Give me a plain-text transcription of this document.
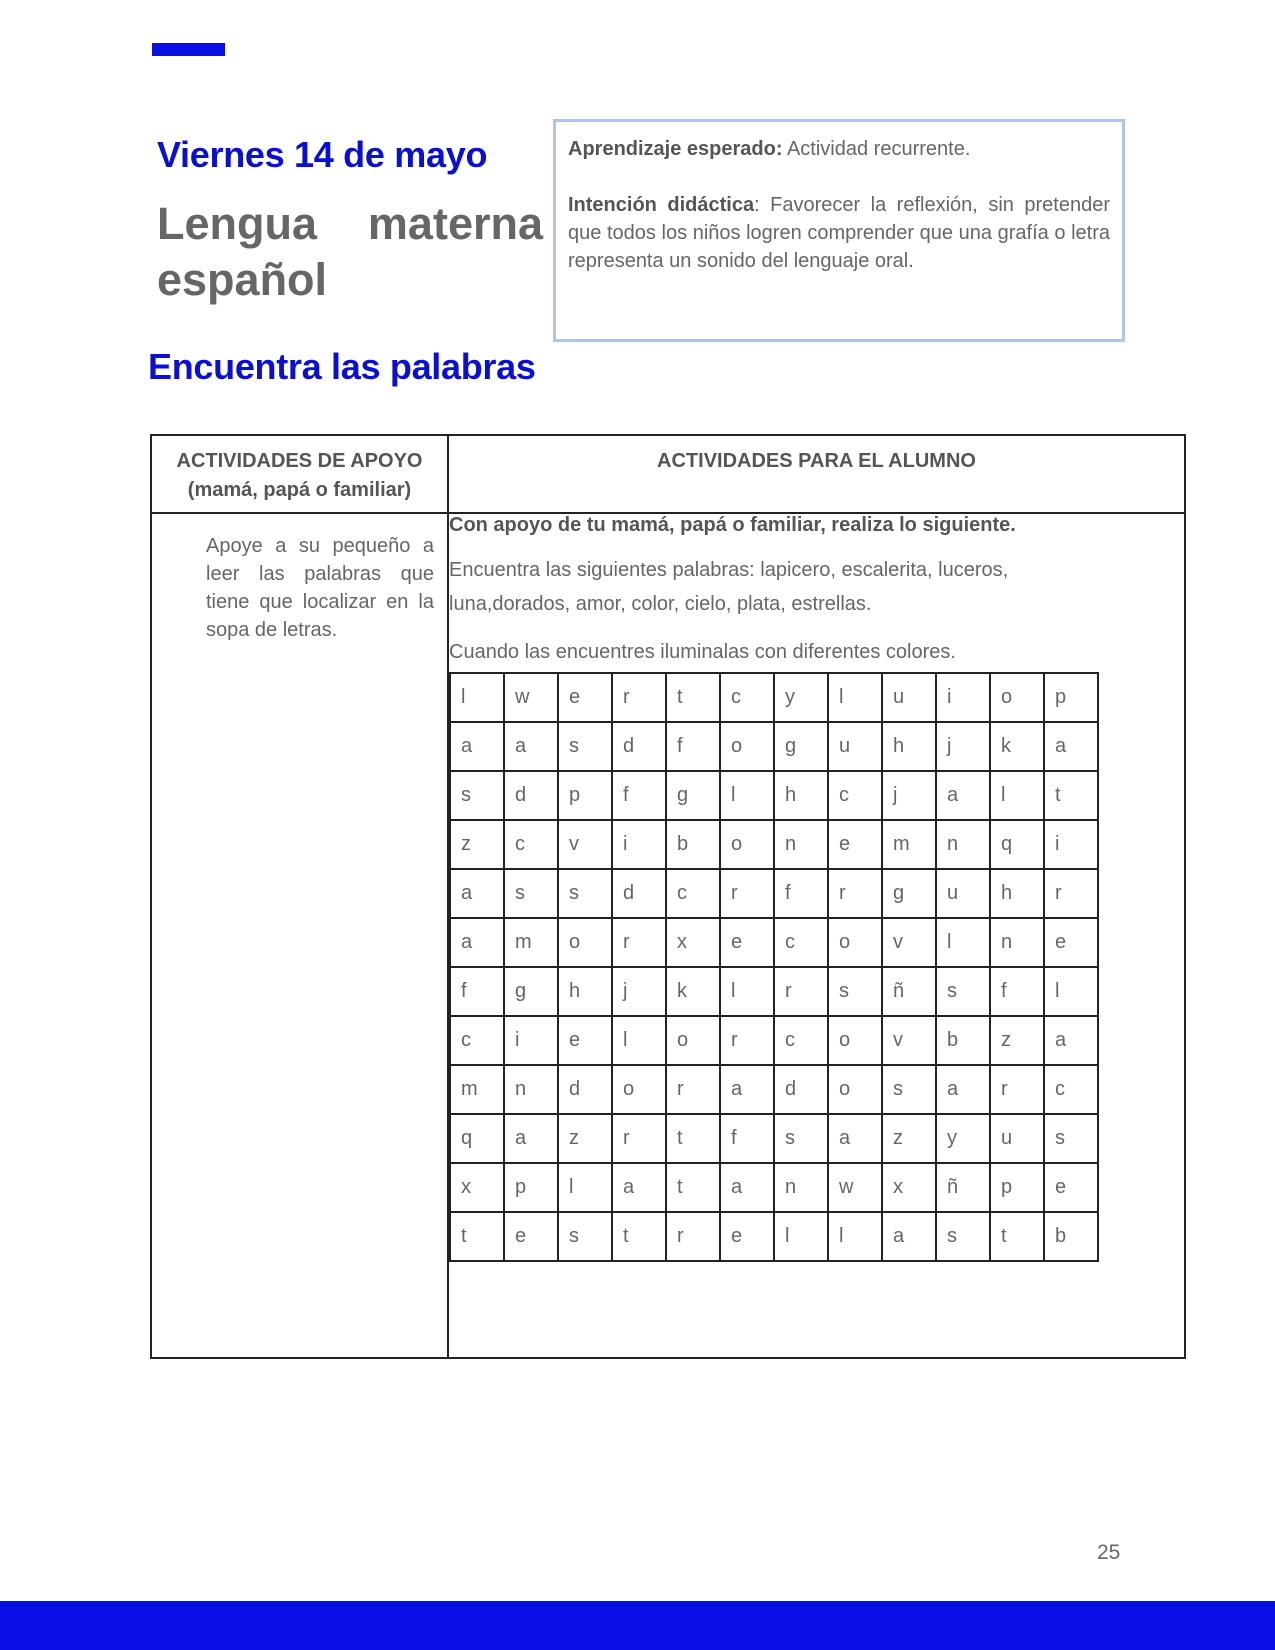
Viernes 14 de mayo
Lengua materna
español

Aprendizaje esperado: Actividad recurrente.

Intención didáctica: Favorecer la reflexión, sin pretender que todos los niños logren comprender que una grafía o letra representa un sonido del lenguaje oral.

Encuentra las palabras
ACTIVIDADES DE APOYO
(mamá, papá o familiar)
	ACTIVIDADES PARA EL ALUMNO

Apoye a su pequeño a leer las palabras que tiene que localizar en la sopa de letras.

Con apoyo de tu mamá, papá o familiar, realiza lo siguiente.
Encuentra las siguientes palabras: lapicero, escalerita, luceros,
luna,dorados, amor, color, cielo, plata, estrellas.
Cuando las encuentres iluminalas con diferentes colores.
l	w	e	r	t	c	y	l	u	i	o	p
a	a	s	d	f	o	g	u	h	j	k	a
s	d	p	f	g	l	h	c	j	a	l	t
z	c	v	i	b	o	n	e	m	n	q	i
a	s	s	d	c	r	f	r	g	u	h	r
a	m	o	r	x	e	c	o	v	l	n	e
f	g	h	j	k	l	r	s	ñ	s	f	l
c	i	e	l	o	r	c	o	v	b	z	a
m	n	d	o	r	a	d	o	s	a	r	c
q	a	z	r	t	f	s	a	z	y	u	s
x	p	l	a	t	a	n	w	x	ñ	p	e
t	e	s	t	r	e	l	l	a	s	t	b
25
